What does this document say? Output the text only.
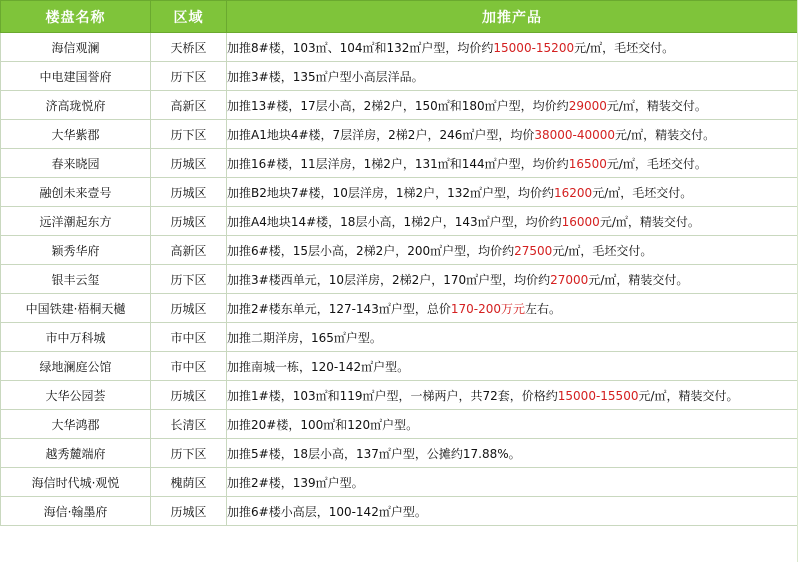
楼盘名称	区域	加推产品
海信观澜	天桥区	加推8#楼，103㎡、104㎡和132㎡户型，均价约15000-15200元/㎡，毛坯交付。
中电建国誉府	历下区	加推3#楼，135㎡户型小高层洋品。
济高珑悦府	高新区	加推13#楼，17层小高，2梯2户，150㎡和180㎡户型，均价约29000元/㎡，精装交付。
大华紫郡	历下区	加推A1地块4#楼，7层洋房，2梯2户，246㎡户型，均价38000-40000元/㎡，精装交付。
春来晓园	历城区	加推16#楼，11层洋房，1梯2户，131㎡和144㎡户型，均价约16500元/㎡，毛坯交付。
融创未来壹号	历城区	加推B2地块7#楼，10层洋房，1梯2户，132㎡户型，均价约16200元/㎡，毛坯交付。
远洋潮起东方	历城区	加推A4地块14#楼，18层小高，1梯2户，143㎡户型，均价约16000元/㎡，精装交付。
颖秀华府	高新区	加推6#楼，15层小高，2梯2户，200㎡户型，均价约27500元/㎡，毛坯交付。
银丰云玺	历下区	加推3#楼西单元，10层洋房，2梯2户，170㎡户型，均价约27000元/㎡，精装交付。
中国铁建·梧桐天樾	历城区	加推2#楼东单元，127-143㎡户型，总价170-200万元左右。
市中万科城	市中区	加推二期洋房，165㎡户型。
绿地澜庭公馆	市中区	加推南城一栋，120-142㎡户型。
大华公园荟	历城区	加推1#楼，103㎡和119㎡户型，一梯两户，共72套，价格约15000-15500元/㎡，精装交付。
大华鸿郡	长清区	加推20#楼，100㎡和120㎡户型。
越秀麓端府	历下区	加推5#楼，18层小高，137㎡户型，公摊约17.88%。
海信时代城·观悦	槐荫区	加推2#楼，139㎡户型。
海信·翰墨府	历城区	加推6#楼小高层，100-142㎡户型。
